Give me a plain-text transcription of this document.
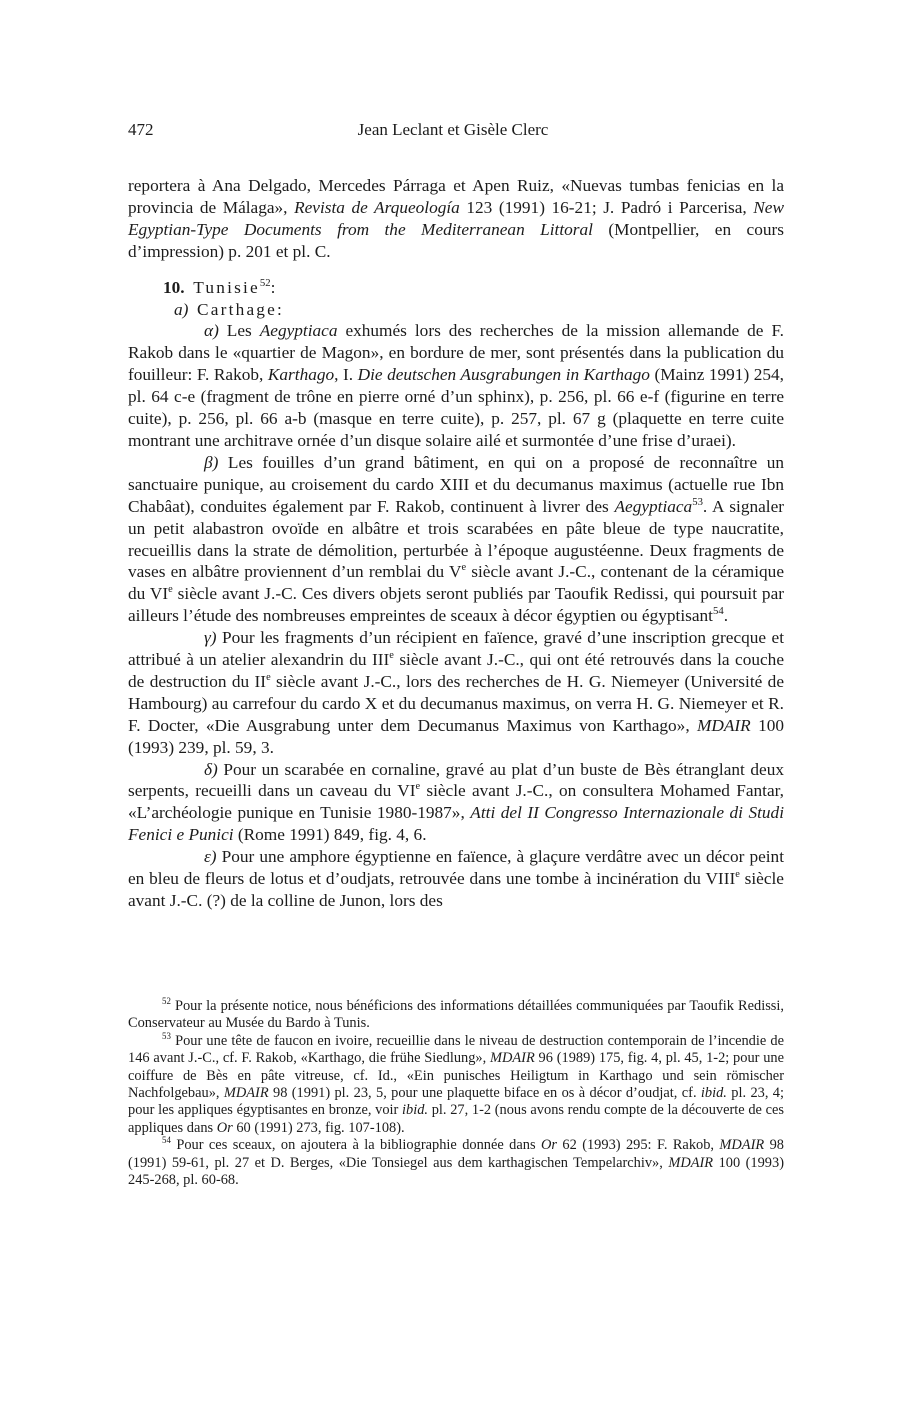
472	Jean Leclant et Gisèle Clerc

reportera à Ana Delgado, Mercedes Párraga et Apen Ruiz, «Nuevas tumbas fenicias en la provincia de Málaga», Revista de Arqueología 123 (1991) 16-21; J. Padró i Parcerisa, New Egyptian-Type Documents from the Mediterranean Littoral (Montpellier, en cours d’impression) p. 201 et pl. C.

10. Tunisie$^{52}$:

a) Carthage:

α) Les Aegyptiaca exhumés lors des recherches de la mission allemande de F. Rakob dans le «quartier de Magon», en bordure de mer, sont présentés dans la publication du fouilleur: F. Rakob, Karthago, I. Die deutschen Ausgrabungen in Karthago (Mainz 1991) 254, pl. 64 c-e (fragment de trône en pierre orné d’un sphinx), p. 256, pl. 66 e-f (figurine en terre cuite), p. 256, pl. 66 a-b (masque en terre cuite), p. 257, pl. 67 g (plaquette en terre cuite montrant une architrave ornée d’un disque solaire ailé et surmontée d’une frise d’uraei).

β) Les fouilles d’un grand bâtiment, en qui on a proposé de reconnaître un sanctuaire punique, au croisement du cardo XIII et du decumanus maximus (actuelle rue Ibn Chabâat), conduites également par F. Rakob, continuent à livrer des Aegyptiaca$^{53}$. A signaler un petit alabastron ovoïde en albâtre et trois scarabées en pâte bleue de type naucratite, recueillis dans la strate de démolition, perturbée à l’époque augustéenne. Deux fragments de vases en albâtre proviennent d’un remblai du Ve siècle avant J.-C., contenant de la céramique du VIe siècle avant J.-C. Ces divers objets seront publiés par Taoufik Redissi, qui poursuit par ailleurs l’étude des nombreuses empreintes de sceaux à décor égyptien ou égyptisant$^{54}$.

γ) Pour les fragments d’un récipient en faïence, gravé d’une inscription grecque et attribué à un atelier alexandrin du IIIe siècle avant J.-C., qui ont été retrouvés dans la couche de destruction du IIe siècle avant J.-C., lors des recherches de H. G. Niemeyer (Université de Hambourg) au carrefour du cardo X et du decumanus maximus, on verra H. G. Niemeyer et R. F. Docter, «Die Ausgrabung unter dem Decumanus Maximus von Karthago», MDAIR 100 (1993) 239, pl. 59, 3.

δ) Pour un scarabée en cornaline, gravé au plat d’un buste de Bès étranglant deux serpents, recueilli dans un caveau du VIe siècle avant J.-C., on consultera Mohamed Fantar, «L’archéologie punique en Tunisie 1980-1987», Atti del II Congresso Internazionale di Studi Fenici e Punici (Rome 1991) 849, fig. 4, 6.

ε) Pour une amphore égyptienne en faïence, à glaçure verdâtre avec un décor peint en bleu de fleurs de lotus et d’oudjats, retrouvée dans une tombe à incinération du VIIIe siècle avant J.-C. (?) de la colline de Junon, lors des

$^{52}$ Pour la présente notice, nous bénéficions des informations détaillées communiquées par Taoufik Redissi, Conservateur au Musée du Bardo à Tunis.

$^{53}$ Pour une tête de faucon en ivoire, recueillie dans le niveau de destruction contemporain de l’incendie de 146 avant J.-C., cf. F. Rakob, «Karthago, die frühe Siedlung», MDAIR 96 (1989) 175, fig. 4, pl. 45, 1-2; pour une coiffure de Bès en pâte vitreuse, cf. Id., «Ein punisches Heiligtum in Karthago und sein römischer Nachfolgebau», MDAIR 98 (1991) pl. 23, 5, pour une plaquette biface en os à décor d’oudjat, cf. ibid. pl. 23, 4; pour les appliques égyptisantes en bronze, voir ibid. pl. 27, 1-2 (nous avons rendu compte de la découverte de ces appliques dans Or 60 (1991) 273, fig. 107-108).

$^{54}$ Pour ces sceaux, on ajoutera à la bibliographie donnée dans Or 62 (1993) 295: F. Rakob, MDAIR 98 (1991) 59-61, pl. 27 et D. Berges, «Die Tonsiegel aus dem karthagischen Tempelarchiv», MDAIR 100 (1993) 245-268, pl. 60-68.
